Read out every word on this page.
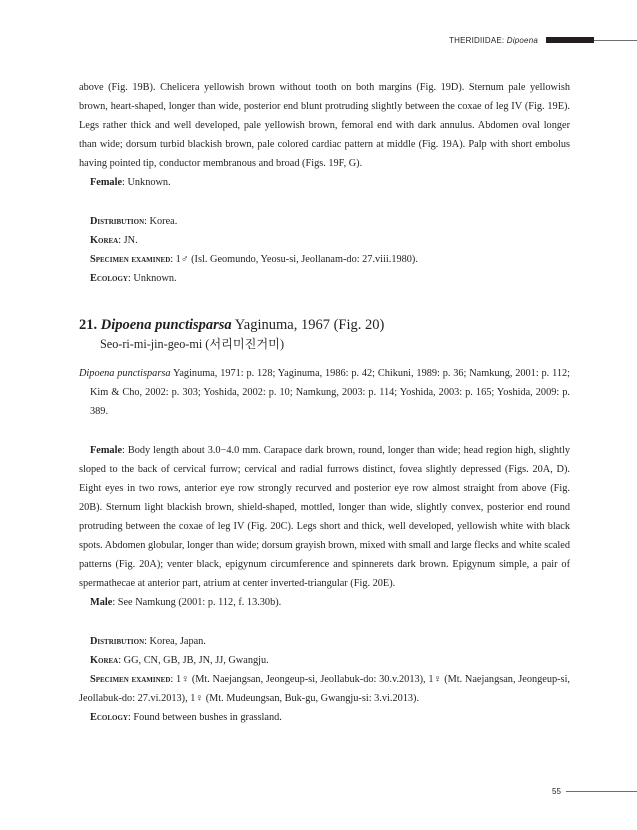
THERIDIIDAE: Dipoena

above (Fig. 19B). Chelicera yellowish brown without tooth on both margins (Fig. 19D). Sternum pale yellowish brown, heart-shaped, longer than wide, posterior end blunt protruding slightly between the coxae of leg IV (Fig. 19E). Legs rather thick and well developed, pale yellowish brown, femoral end with dark annulus. Abdomen oval longer than wide; dorsum turbid blackish brown, pale colored cardiac pattern at middle (Fig. 19A). Palp with short embolus having pointed tip, conductor membranous and broad (Figs. 19F, G).

Female: Unknown.

Distribution: Korea.

Korea: JN.

Specimen examined: 1♂ (Isl. Geomundo, Yeosu-si, Jeollanam-do: 27.viii.1980).

Ecology: Unknown.

21. Dipoena punctisparsa Yaginuma, 1967 (Fig. 20)

Seo-ri-mi-jin-geo-mi (서리미진거미)

Dipoena punctisparsa Yaginuma, 1971: p. 128; Yaginuma, 1986: p. 42; Chikuni, 1989: p. 36; Namkung, 2001: p. 112; Kim & Cho, 2002: p. 303; Yoshida, 2002: p. 10; Namkung, 2003: p. 114; Yoshida, 2003: p. 165; Yoshida, 2009: p. 389.

Female: Body length about 3.0−4.0 mm. Carapace dark brown, round, longer than wide; head region high, slightly sloped to the back of cervical furrow; cervical and radial furrows distinct, fovea slightly depressed (Figs. 20A, D). Eight eyes in two rows, anterior eye row strongly recurved and posterior eye row almost straight from above (Fig. 20B). Sternum light blackish brown, shield-shaped, mottled, longer than wide, slightly convex, posterior end round protruding between the coxae of leg IV (Fig. 20C). Legs short and thick, well developed, yellowish white with black spots. Abdomen globular, longer than wide; dorsum grayish brown, mixed with small and large flecks and white scaled patterns (Fig. 20A); venter black, epigynum circumference and spinnerets dark brown. Epigynum simple, a pair of spermathecae at anterior part, atrium at center inverted-triangular (Fig. 20E).

Male: See Namkung (2001: p. 112, f. 13.30b).

Distribution: Korea, Japan.

Korea: GG, CN, GB, JB, JN, JJ, Gwangju.

Specimen examined: 1♀ (Mt. Naejangsan, Jeongeup-si, Jeollabuk-do: 30.v.2013), 1♀ (Mt. Naejangsan, Jeongeup-si, Jeollabuk-do: 27.vi.2013), 1♀ (Mt. Mudeungsan, Buk-gu, Gwangju-si: 3.vi.2013).

Ecology: Found between bushes in grassland.

55
